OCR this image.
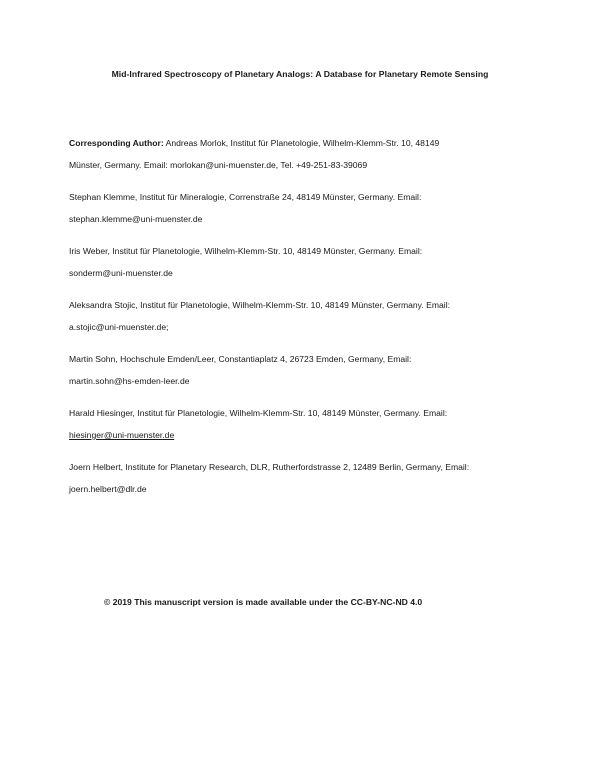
Mid-Infrared Spectroscopy of Planetary Analogs: A Database for Planetary Remote Sensing
Corresponding Author: Andreas Morlok, Institut für Planetologie, Wilhelm-Klemm-Str. 10, 48149
Münster, Germany. Email: morlokan@uni-muenster.de, Tel. +49-251-83-39069
Stephan Klemme, Institut für Mineralogie, Correnstraße 24, 48149 Münster, Germany. Email:
stephan.klemme@uni-muenster.de
Iris Weber, Institut für Planetologie, Wilhelm-Klemm-Str. 10, 48149 Münster, Germany. Email:
sonderm@uni-muenster.de
Aleksandra Stojic, Institut für Planetologie, Wilhelm-Klemm-Str. 10, 48149 Münster, Germany. Email:
a.stojic@uni-muenster.de;
Martin Sohn, Hochschule Emden/Leer, Constantiaplatz 4, 26723 Emden, Germany, Email:
martin.sohn@hs-emden-leer.de
Harald Hiesinger, Institut für Planetologie, Wilhelm-Klemm-Str. 10, 48149 Münster, Germany. Email:
hiesinger@uni-muenster.de
Joern Helbert, Institute for Planetary Research, DLR, Rutherfordstrasse 2, 12489 Berlin, Germany, Email:
joern.helbert@dlr.de
© 2019 This manuscript version is made available under the CC-BY-NC-ND 4.0
